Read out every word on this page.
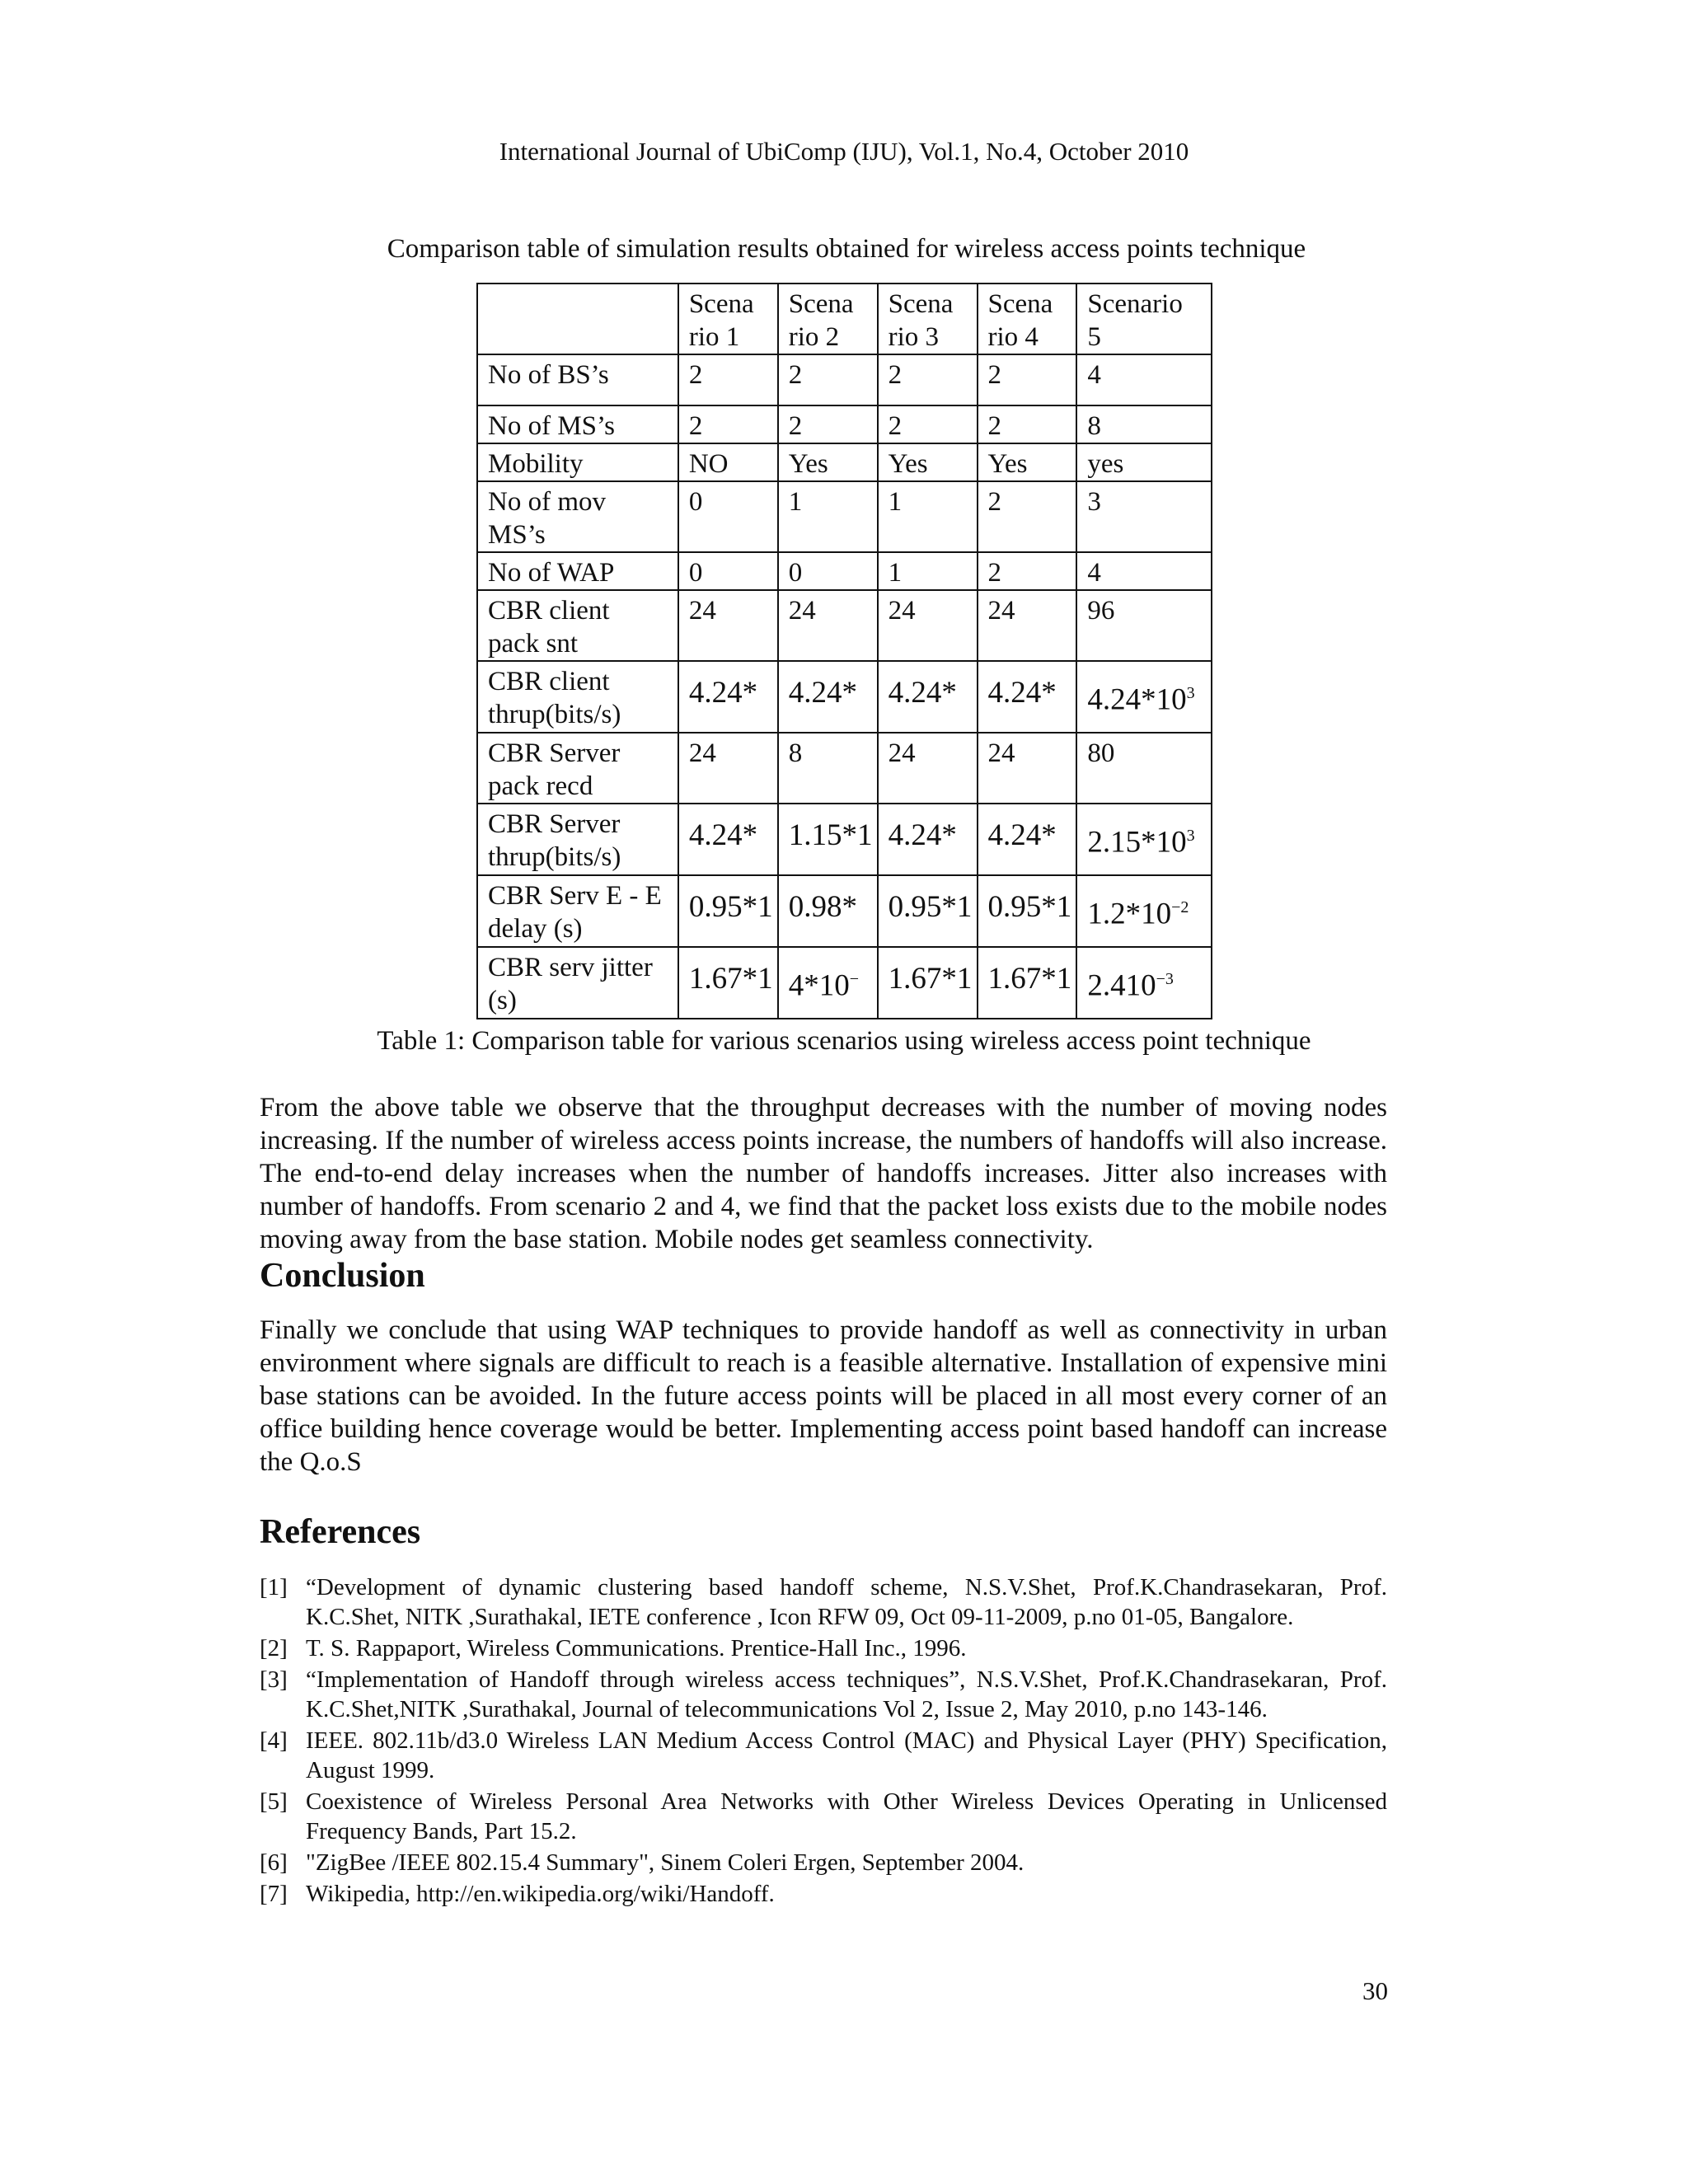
International Journal of UbiComp (IJU), Vol.1, No.4, October 2010
Comparison table of simulation results obtained for wireless access points technique
	Scena rio 1	Scena rio 2	Scena rio 3	Scena rio 4	Scenario 5
No of BS’s	2	2	2	2	4
No of MS’s	2	2	2	2	8
Mobility	NO	Yes	Yes	Yes	yes
No of mov MS’s	0	1	1	2	3
No of WAP	0	0	1	2	4
CBR client pack snt	24	24	24	24	96
CBR client thrup(bits/s)	4.24*	4.24*	4.24*	4.24*	$4.24*10^3$
CBR Server pack recd	24	8	24	24	80
CBR Server thrup(bits/s)	4.24*	1.15*1	4.24*	4.24*	$2.15*10^3$
CBR Serv E - E delay (s)	0.95*1	0.98*	0.95*1	0.95*1	$1.2*10^{-2}$
CBR serv jitter (s)	1.67*1	4*10−	1.67*1	1.67*1	$2.410^{-3}$
Table 1: Comparison table for various scenarios using wireless access point technique
From the above table we observe that the throughput decreases with the number of moving nodes increasing. If the number of wireless access points increase, the numbers of handoffs will also increase. The end-to-end delay increases when the number of handoffs increases. Jitter also increases with number of handoffs. From scenario 2 and 4, we find that the packet loss exists due to the mobile nodes moving away from the base station. Mobile nodes get seamless connectivity.
Conclusion
Finally we conclude that using WAP techniques to provide handoff as well as connectivity in urban environment where signals are difficult to reach is a feasible alternative. Installation of expensive mini base stations can be avoided. In the future access points will be placed in all most every corner of an office building hence coverage would be better. Implementing access point based handoff can increase the Q.o.S
References
[1] “Development of dynamic clustering based handoff scheme, N.S.V.Shet, Prof.K.Chandrasekaran, Prof. K.C.Shet, NITK ,Surathakal, IETE conference , Icon RFW 09, Oct 09-11-2009, p.no 01-05, Bangalore.
[2] T. S. Rappaport, Wireless Communications. Prentice-Hall Inc., 1996.
[3] “Implementation of Handoff through wireless access techniques”, N.S.V.Shet, Prof.K.Chandrasekaran, Prof. K.C.Shet,NITK ,Surathakal, Journal of telecommunications Vol 2, Issue 2, May 2010, p.no 143-146.
[4] IEEE. 802.11b/d3.0 Wireless LAN Medium Access Control (MAC) and Physical Layer (PHY) Specification, August 1999.
[5] Coexistence of Wireless Personal Area Networks with Other Wireless Devices Operating in Unlicensed Frequency Bands, Part 15.2.
[6] "ZigBee /IEEE 802.15.4 Summary", Sinem Coleri Ergen, September 2004.
[7] Wikipedia, http://en.wikipedia.org/wiki/Handoff.
30
